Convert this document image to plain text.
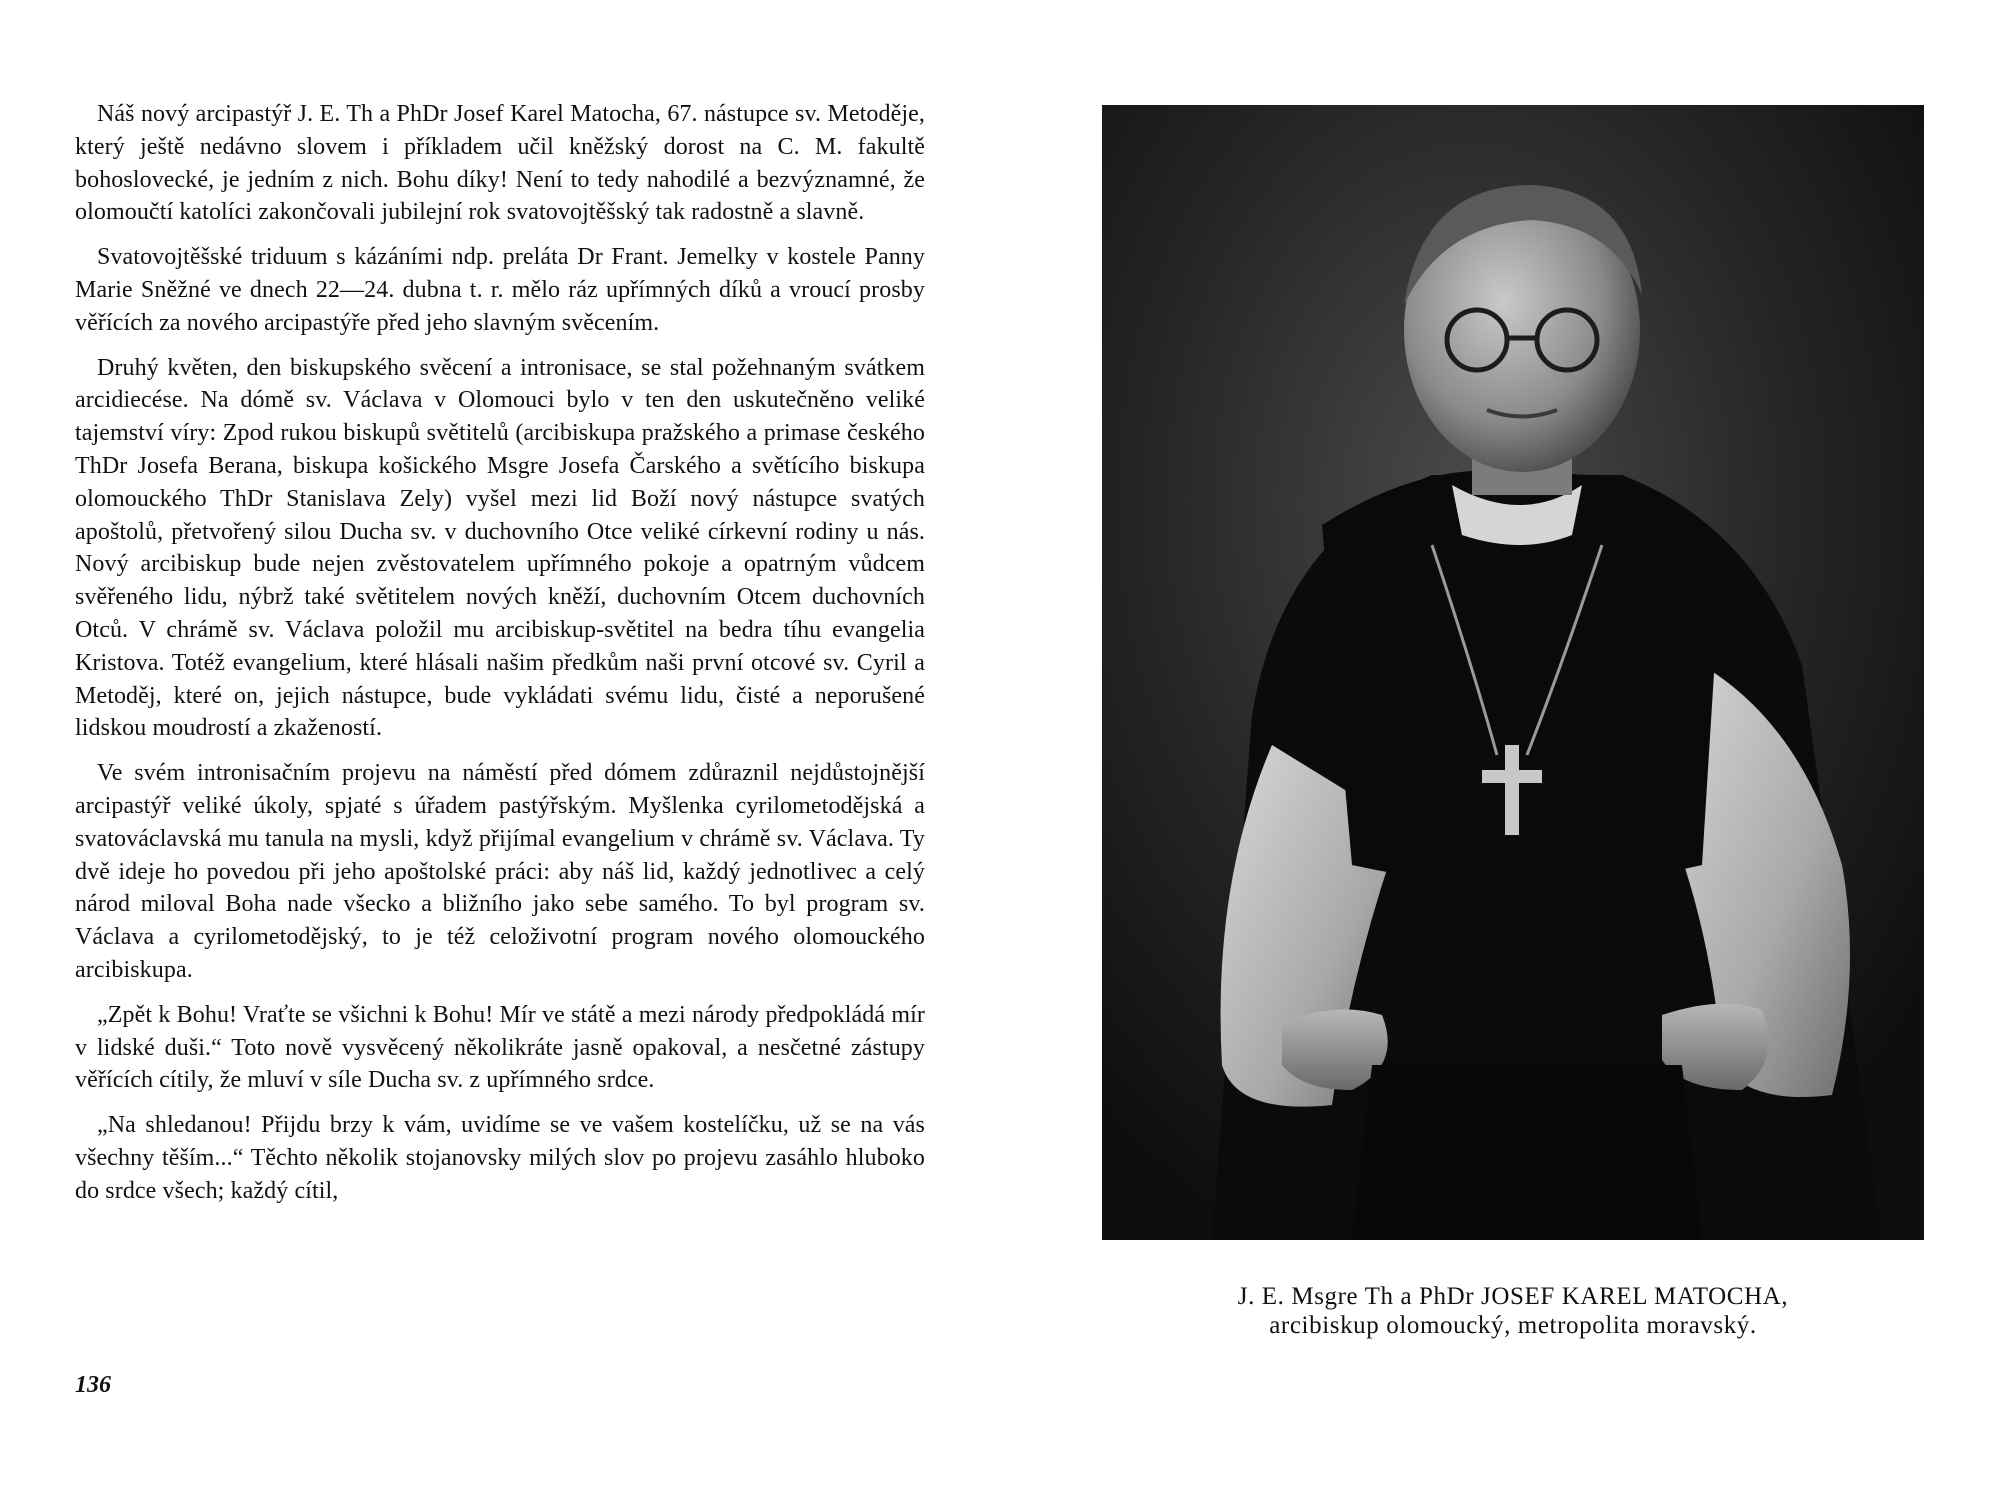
Náš nový arcipastýř J. E. Th a PhDr Josef Karel Matocha, 67. nástupce sv. Metoděje, který ještě nedávno slovem i příkladem učil kněžský dorost na C. M. fakultě bohoslovecké, je jedním z nich. Bohu díky! Není to tedy nahodilé a bezvýznamné, že olomoučtí katolíci zakončovali jubilejní rok svatovojtěšský tak radostně a slavně.

Svatovojtěšské triduum s kázáními ndp. preláta Dr Frant. Jemelky v kostele Panny Marie Sněžné ve dnech 22—24. dubna t. r. mělo ráz upřímných díků a vroucí prosby věřících za nového arcipastýře před jeho slavným svěcením.

Druhý květen, den biskupského svěcení a intronisace, se stal požehnaným svátkem arcidiecése. Na dómě sv. Václava v Olomouci bylo v ten den uskutečněno veliké tajemství víry: Zpod rukou biskupů světitelů (arcibiskupa pražského a primase českého ThDr Josefa Berana, biskupa košického Msgre Josefa Čarského a světícího biskupa olomouckého ThDr Stanislava Zely) vyšel mezi lid Boží nový nástupce svatých apoštolů, přetvořený silou Ducha sv. v duchovního Otce veliké církevní rodiny u nás. Nový arcibiskup bude nejen zvěstovatelem upřímného pokoje a opatrným vůdcem svěřeného lidu, nýbrž také světitelem nových kněží, duchovním Otcem duchovních Otců. V chrámě sv. Václava položil mu arcibiskup-světitel na bedra tíhu evangelia Kristova. Totéž evangelium, které hlásali našim předkům naši první otcové sv. Cyril a Metoděj, které on, jejich nástupce, bude vykládati svému lidu, čisté a neporušené lidskou moudrostí a zkažeností.

Ve svém intronisačním projevu na náměstí před dómem zdůraznil nejdůstojnější arcipastýř veliké úkoly, spjaté s úřadem pastýřským. Myšlenka cyrilometodějská a svatováclavská mu tanula na mysli, když přijímal evangelium v chrámě sv. Václava. Ty dvě ideje ho povedou při jeho apoštolské práci: aby náš lid, každý jednotlivec a celý národ miloval Boha nade všecko a bližního jako sebe samého. To byl program sv. Václava a cyrilometodějský, to je též celoživotní program nového olomouckého arcibiskupa.

„Zpět k Bohu! Vraťte se všichni k Bohu! Mír ve státě a mezi národy předpokládá mír v lidské duši.“ Toto nově vysvěcený několikráte jasně opakoval, a nesčetné zástupy věřících cítily, že mluví v síle Ducha sv. z upřímného srdce.

„Na shledanou! Přijdu brzy k vám, uvidíme se ve vašem kostelíčku, už se na vás všechny těším...“ Těchto několik stojanovsky milých slov po projevu zasáhlo hluboko do srdce všech; každý cítil,

136
J. E. Msgre Th a PhDr JOSEF KAREL MATOCHA,
arcibiskup olomoucký, metropolita moravský.
